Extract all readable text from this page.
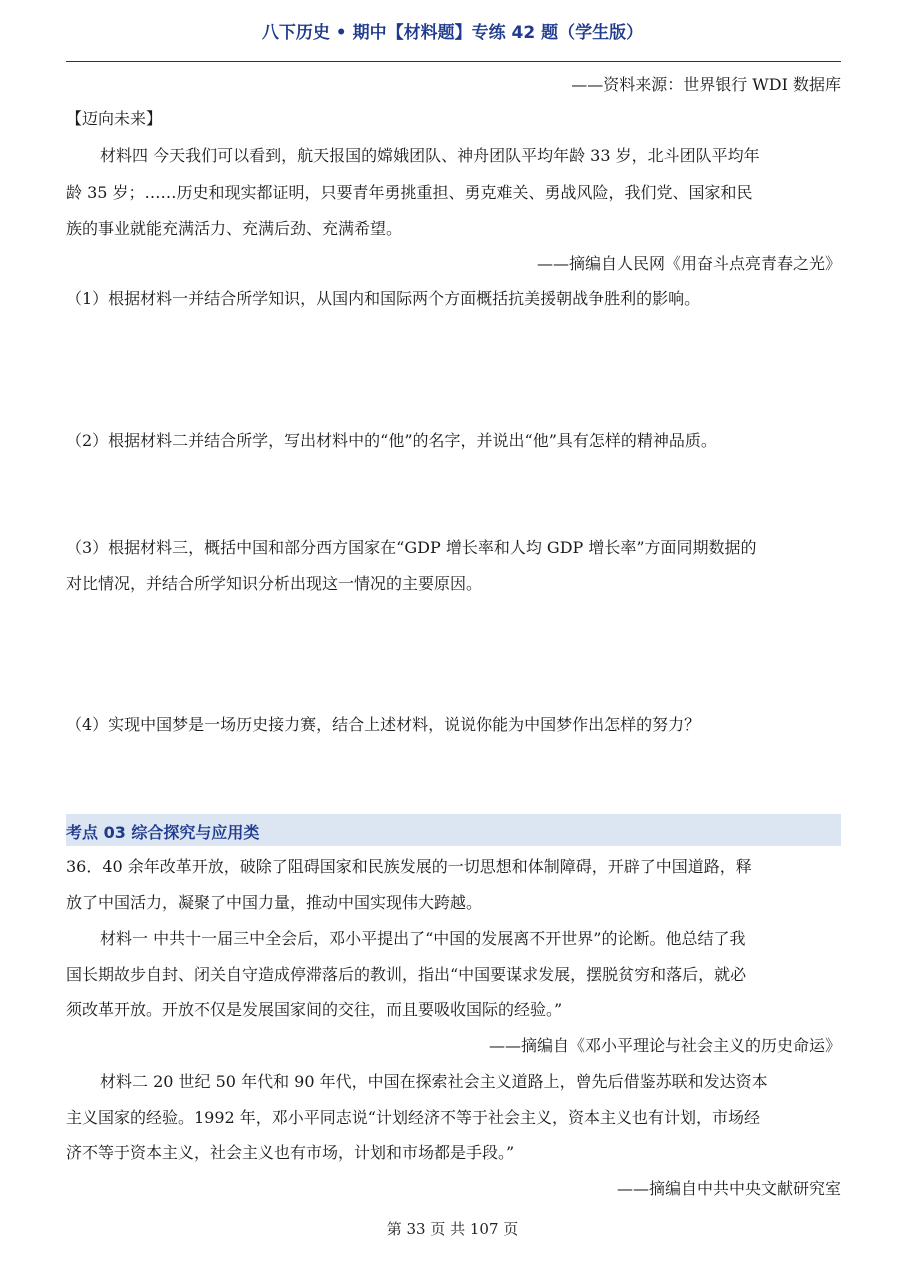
八下历史 • 期中【材料题】专练 42 题（学生版）
——资料来源：世界银行 WDI 数据库
【迈向未来】
材料四 今天我们可以看到，航天报国的嫦娥团队、神舟团队平均年龄 33 岁，北斗团队平均年
龄 35 岁；……历史和现实都证明，只要青年勇挑重担、勇克难关、勇战风险，我们党、国家和民
族的事业就能充满活力、充满后劲、充满希望。
——摘编自人民网《用奋斗点亮青春之光》
（1）根据材料一并结合所学知识，从国内和国际两个方面概括抗美援朝战争胜利的影响。
（2）根据材料二并结合所学，写出材料中的“他”的名字，并说出“他”具有怎样的精神品质。
（3）根据材料三，概括中国和部分西方国家在“GDP 增长率和人均 GDP 增长率”方面同期数据的
对比情况，并结合所学知识分析出现这一情况的主要原因。
（4）实现中国梦是一场历史接力赛，结合上述材料，说说你能为中国梦作出怎样的努力？
考点 03 综合探究与应用类
36．40 余年改革开放，破除了阻碍国家和民族发展的一切思想和体制障碍，开辟了中国道路，释
放了中国活力，凝聚了中国力量，推动中国实现伟大跨越。
材料一 中共十一届三中全会后，邓小平提出了“中国的发展离不开世界”的论断。他总结了我
国长期故步自封、闭关自守造成停滞落后的教训，指出“中国要谋求发展，摆脱贫穷和落后，就必
须改革开放。开放不仅是发展国家间的交往，而且要吸收国际的经验。”
——摘编自《邓小平理论与社会主义的历史命运》
材料二 20 世纪 50 年代和 90 年代，中国在探索社会主义道路上，曾先后借鉴苏联和发达资本
主义国家的经验。1992 年，邓小平同志说“计划经济不等于社会主义，资本主义也有计划，市场经
济不等于资本主义，社会主义也有市场，计划和市场都是手段。”
——摘编自中共中央文献研究室
第 33 页 共 107 页
